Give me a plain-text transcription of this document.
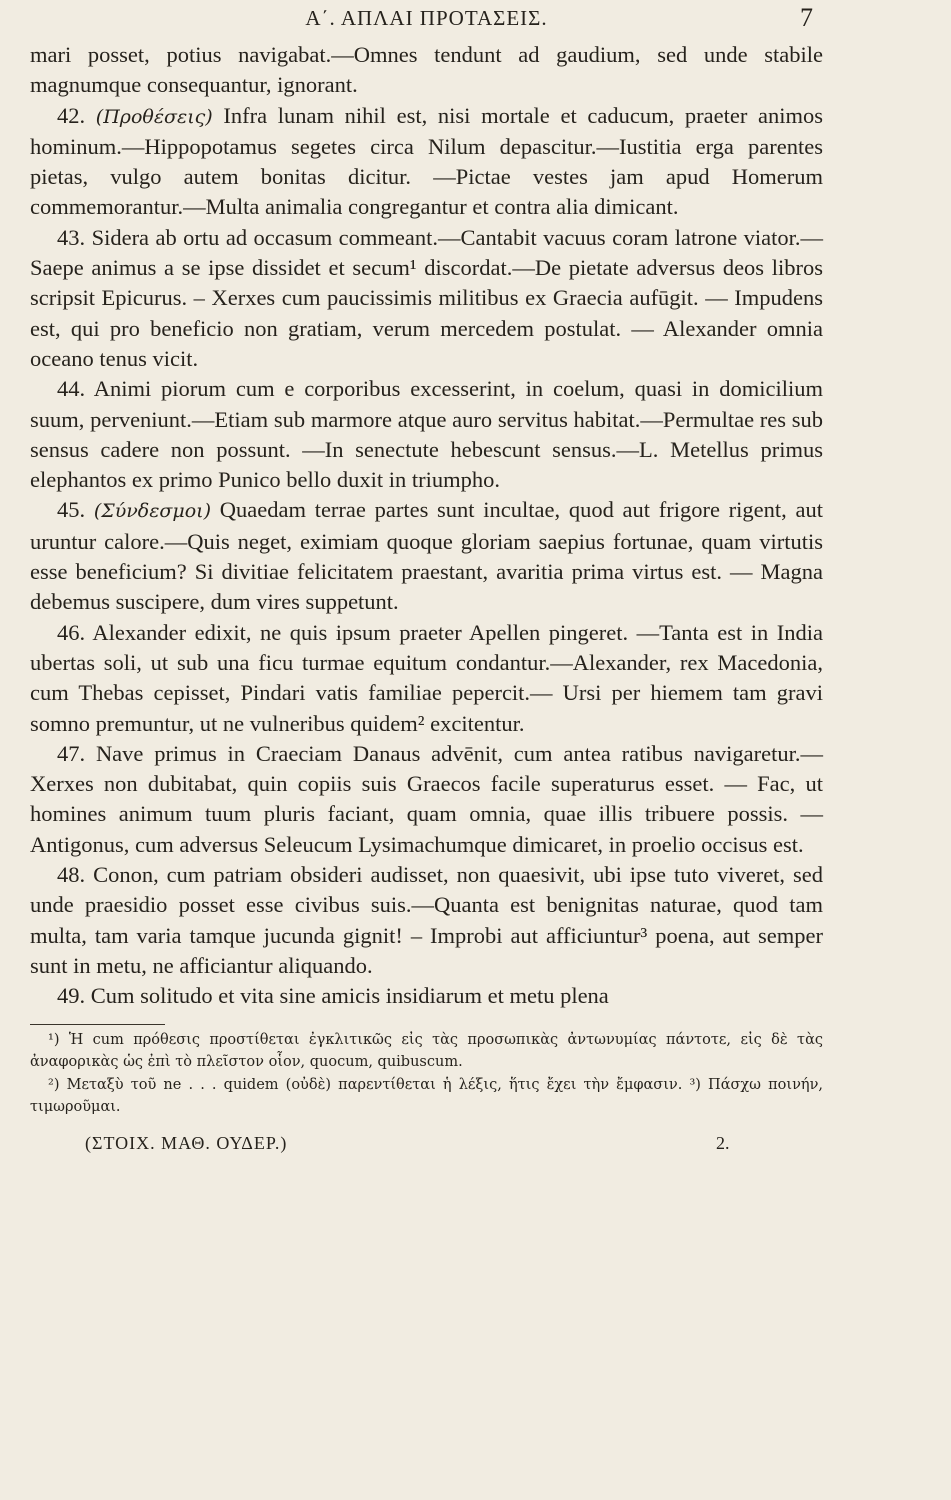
Α΄. ΑΠΛΑΙ ΠΡΟΤΑΣΕΙΣ.	7

mari posset, potius navigabat.—Omnes tendunt ad gaudium, sed unde stabile magnumque consequantur, ignorant.

42. (Προθέσεις) Infra lunam nihil est, nisi mortale et caducum, praeter animos hominum.—Hippopotamus segetes circa Nilum depascitur.—Iustitia erga parentes pietas, vulgo autem bonitas dicitur. —Pictae vestes jam apud Homerum commemorantur.—Multa animalia congregantur et contra alia dimicant.

43. Sidera ab ortu ad occasum commeant.—Cantabit vacuus coram latrone viator.—Saepe animus a se ipse dissidet et secum¹ discordat.—De pietate adversus deos libros scripsit Epicurus. – Xerxes cum paucissimis militibus ex Graecia aufūgit. — Impudens est, qui pro beneficio non gratiam, verum mercedem postulat. — Alexander omnia oceano tenus vicit.

44. Animi piorum cum e corporibus excesserint, in coelum, quasi in domicilium suum, perveniunt.—Etiam sub marmore atque auro servitus habitat.—Permultae res sub sensus cadere non possunt. —In senectute hebescunt sensus.—L. Metellus primus elephantos ex primo Punico bello duxit in triumpho.

45. (Σύνδεσμοι) Quaedam terrae partes sunt incultae, quod aut frigore rigent, aut uruntur calore.—Quis neget, eximiam quoque gloriam saepius fortunae, quam virtutis esse beneficium? Si divitiae felicitatem praestant, avaritia prima virtus est. — Magna debemus suscipere, dum vires suppetunt.

46. Alexander edixit, ne quis ipsum praeter Apellen pingeret. —Tanta est in India ubertas soli, ut sub una ficu turmae equitum condantur.—Alexander, rex Macedonia, cum Thebas cepisset, Pindari vatis familiae pepercit.— Ursi per hiemem tam gravi somno premuntur, ut ne vulneribus quidem² excitentur.

47. Nave primus in Craeciam Danaus advēnit, cum antea ratibus navigaretur.—Xerxes non dubitabat, quin copiis suis Graecos facile superaturus esset. — Fac, ut homines animum tuum pluris faciant, quam omnia, quae illis tribuere possis. — Antigonus, cum adversus Seleucum Lysimachumque dimicaret, in proelio occisus est.

48. Conon, cum patriam obsideri audisset, non quaesivit, ubi ipse tuto viveret, sed unde praesidio posset esse civibus suis.—Quanta est benignitas naturae, quod tam multa, tam varia tamque jucunda gignit! – Improbi aut afficiuntur³ poena, aut semper sunt in metu, ne afficiantur aliquando.

49. Cum solitudo et vita sine amicis insidiarum et metu plena

¹) Ἡ cum πρόθεσις προστίθεται ἐγκλιτικῶς εἰς τὰς προσωπικὰς ἀντωνυμίας πάντοτε, εἰς δὲ τὰς ἀναφορικὰς ὡς ἐπὶ τὸ πλεῖστον οἷον, quocum, quibuscum.

²) Μεταξὺ τοῦ ne . . . quidem (οὐδὲ) παρεντίθεται ἡ λέξις, ἥτις ἔχει τὴν ἔμφασιν. ³) Πάσχω ποινήν, τιμωροῦμαι.

(ΣΤΟΙΧ. ΜΑΘ. ΟΥΔΕΡ.)	2.
